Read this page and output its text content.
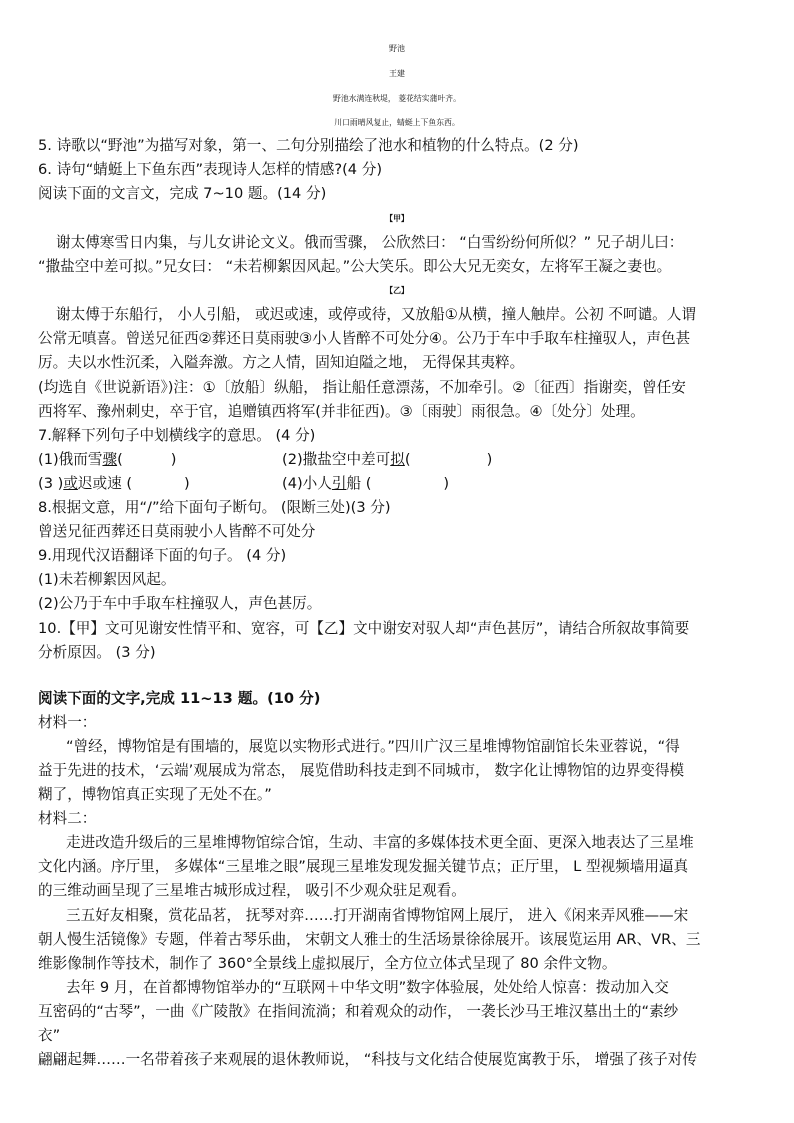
野池
王建
野池水满连秋堤， 菱花结实蒲叶齐。
川口雨晴风复止，蜻蜓上下鱼东西。
5. 诗歌以“野池”为描写对象，第一、二句分别描绘了池水和植物的什么特点。(2 分)
6. 诗句“蜻蜓上下鱼东西”表现诗人怎样的情感?(4 分)
阅读下面的文言文，完成 7~10 题。(14 分)
【甲】
谢太傅寒雪日内集，与儿女讲论文义。俄而雪骤， 公欣然曰： “白雪纷纷何所似？” 兄子胡儿曰：
“撒盐空中差可拟。”兄女曰： “未若柳絮因风起。”公大笑乐。即公大兄无奕女，左将军王凝之妻也。
【乙】
谢太傅于东船行， 小人引船， 或迟或速，或停或待，又放船①从横，撞人触岸。公初 不呵谴。人谓
公常无嗔喜。曾送兄征西②葬还日莫雨驶③小人皆醉不可处分④。公乃于车中手取车柱撞驭人，声色甚
厉。夫以水性沉柔，入隘奔激。方之人情，固知迫隘之地， 无得保其夷粹。
(均选自《世说新语》)注：①〔放船〕纵船， 指让船任意漂荡，不加牵引。②〔征西〕指谢奕，曾任安
西将军、豫州刺史，卒于官，追赠镇西将军(并非征西)。③〔雨驶〕雨很急。④〔处分〕处理。
7.解释下列句子中划横线字的意思。 (4 分)
(1)俄而雪骤(	)	(2)撒盐空中差可拟(	)
(3 )或迟或速 (	)	(4)小人引船 (	)
8.根据文意，用“/”给下面句子断句。 (限断三处)(3 分)
曾送兄征西葬还日莫雨驶小人皆醉不可处分
9.用现代汉语翻译下面的句子。 (4 分)
(1)未若柳絮因风起。
(2)公乃于车中手取车柱撞驭人，声色甚厉。
10.【甲】文可见谢安性情平和、宽容，可【乙】文中谢安对驭人却“声色甚厉”，请结合所叙故事简要
分析原因。 (3 分)
阅读下面的文字,完成 11~13 题。(10 分)
材料一：
“曾经，博物馆是有围墙的，展览以实物形式进行。”四川广汉三星堆博物馆副馆长朱亚蓉说，“得
益于先进的技术，‘云端’观展成为常态， 展览借助科技走到不同城市， 数字化让博物馆的边界变得模
糊了，博物馆真正实现了无处不在。”
材料二：
走进改造升级后的三星堆博物馆综合馆，生动、丰富的多媒体技术更全面、更深入地表达了三星堆
文化内涵。序厅里， 多媒体“三星堆之眼”展现三星堆发现发掘关键节点；正厅里， L 型视频墙用逼真
的三维动画呈现了三星堆古城形成过程， 吸引不少观众驻足观看。
三五好友相聚，赏花品茗， 抚琴对弈……打开湖南省博物馆网上展厅， 进入《闲来弄风雅——宋
朝人慢生活镜像》专题，伴着古琴乐曲， 宋朝文人雅士的生活场景徐徐展开。该展览运用 AR、VR、三
维影像制作等技术，制作了 360°全景线上虚拟展厅，全方位立体式呈现了 80 余件文物。
去年 9 月，在首都博物馆举办的“互联网＋中华文明”数字体验展，处处给人惊喜：拨动加入交
互密码的“古琴”，一曲《广陵散》在指间流淌；和着观众的动作， 一袭长沙马王堆汉墓出土的“素纱
衣”
翩翩起舞……一名带着孩子来观展的退休教师说， “科技与文化结合使展览寓教于乐， 增强了孩子对传
